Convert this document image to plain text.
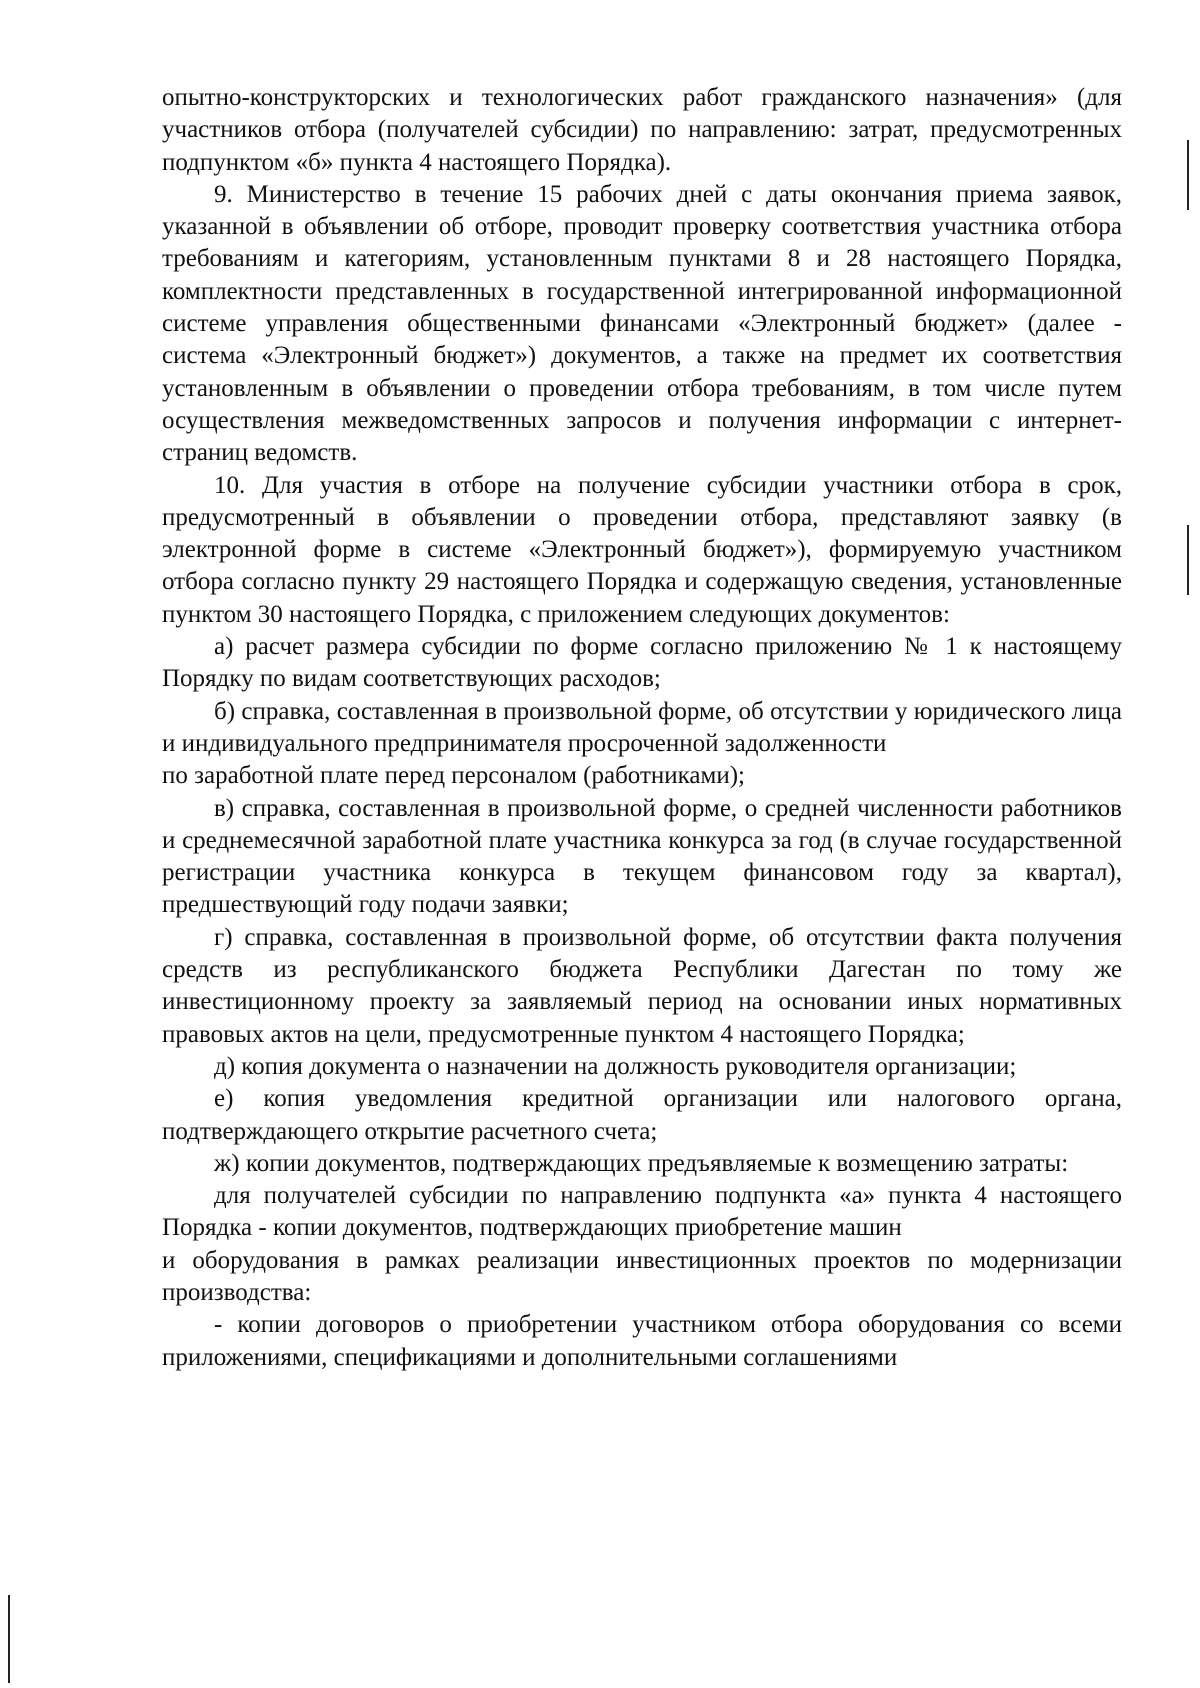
опытно-конструкторских и технологических работ гражданского назначения» (для участников отбора (получателей субсидии) по направлению: затрат, предусмотренных подпунктом «б» пункта 4 настоящего Порядка).

9. Министерство в течение 15 рабочих дней с даты окончания приема заявок, указанной в объявлении об отборе, проводит проверку соответствия участника отбора требованиям и категориям, установленным пунктами 8 и 28 настоящего Порядка, комплектности представленных в государственной интегрированной информационной системе управления общественными финансами «Электронный бюджет» (далее - система «Электронный бюджет») документов, а также на предмет их соответствия установленным в объявлении о проведении отбора требованиям, в том числе путем осуществления межведомственных запросов и получения информации с интернет-страниц ведомств.

10. Для участия в отборе на получение субсидии участники отбора в срок, предусмотренный в объявлении о проведении отбора, представляют заявку (в электронной форме в системе «Электронный бюджет»), формируемую участником отбора согласно пункту 29 настоящего Порядка и содержащую сведения, установленные пунктом 30 настоящего Порядка, с приложением следующих документов:

а) расчет размера субсидии по форме согласно приложению № 1 к настоящему Порядку по видам соответствующих расходов;

б) справка, составленная в произвольной форме, об отсутствии у юридического лица и индивидуального предпринимателя просроченной задолженности

по заработной плате перед персоналом (работниками);

в) справка, составленная в произвольной форме, о средней численности работников и среднемесячной заработной плате участника конкурса за год (в случае государственной регистрации участника конкурса в текущем финансовом году за квартал), предшествующий году подачи заявки;

г) справка, составленная в произвольной форме, об отсутствии факта получения средств из республиканского бюджета Республики Дагестан по тому же инвестиционному проекту за заявляемый период на основании иных нормативных правовых актов на цели, предусмотренные пунктом 4 настоящего Порядка;

д) копия документа о назначении на должность руководителя организации;

е) копия уведомления кредитной организации или налогового органа, подтверждающего открытие расчетного счета;

ж) копии документов, подтверждающих предъявляемые к возмещению затраты:

для получателей субсидии по направлению подпункта «а» пункта 4 настоящего Порядка - копии документов, подтверждающих приобретение машин

и оборудования в рамках реализации инвестиционных проектов по модернизации производства:

- копии договоров о приобретении участником отбора оборудования со всеми приложениями, спецификациями и дополнительными соглашениями
